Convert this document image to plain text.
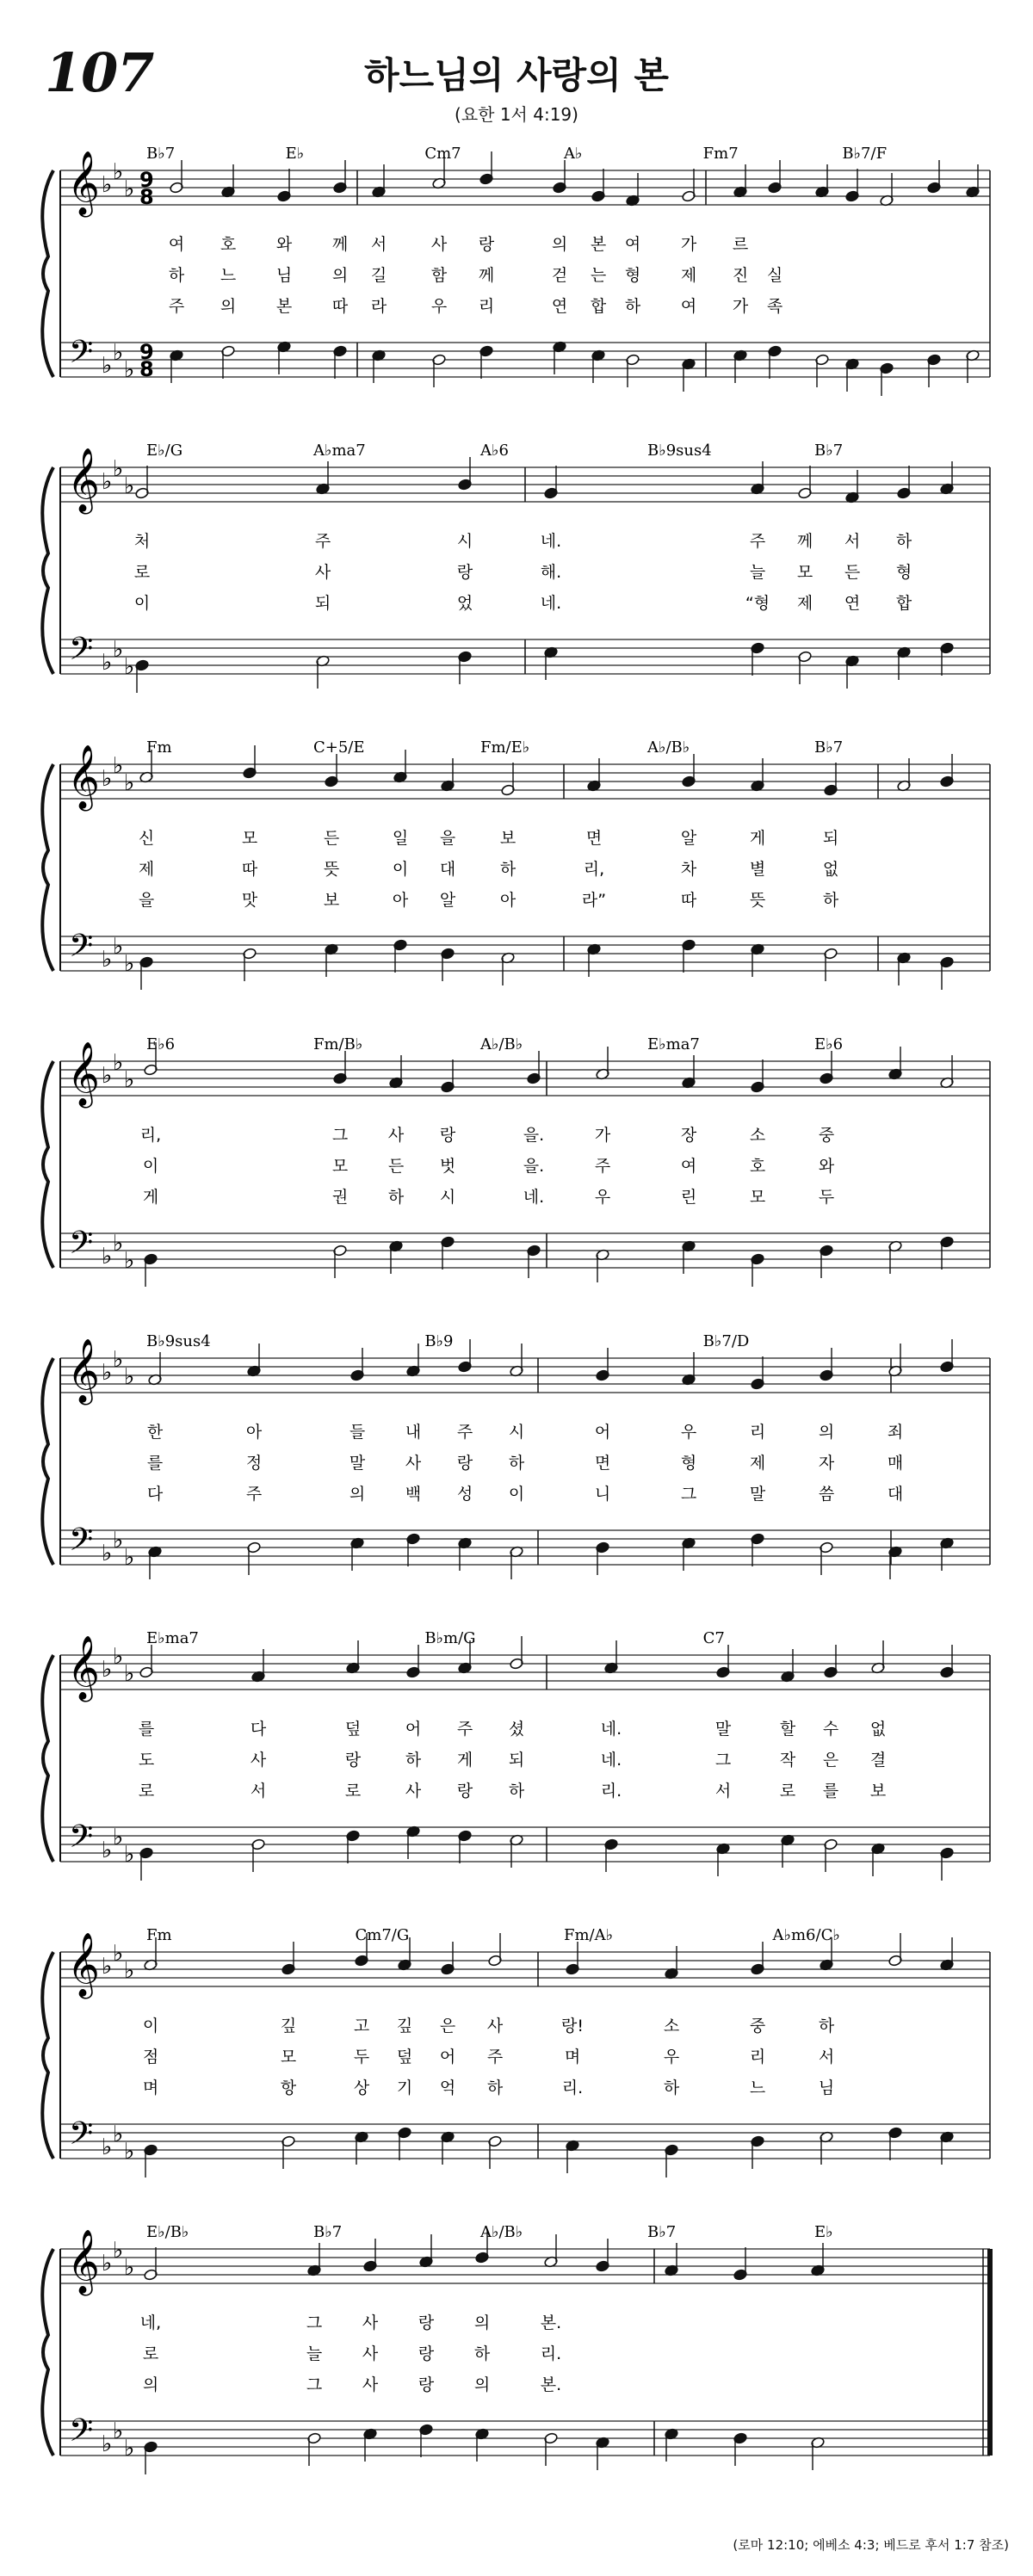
107	하느님의 사랑의 본
(요한 1서 4:19)
𝄞
𝄢
♭ ♭
♭
♭ ♭
♭
9
8
9
8
B♭7	E♭	Cm7	A♭	Fm7	B♭7/F
여 호 와 께 서	사 랑	의 본 여 가 르
하 느 님 의 길	함 께	걷 는 형 제 진 실
주 의 본 따 라	우 리	연 합 하 여 가 족
𝄞
𝄢
♭ ♭
♭
♭ ♭
♭
E♭/G	A♭ma7	A♭6	B♭9sus4	B♭7
처	주	시	네.	주 께 서 하
로	사	랑	해.	늘 모 든 형
이	되	었	네.	“형 제 연 합
𝄞
𝄢
♭ ♭
♭
♭ ♭
♭
Fm	C+5/E	Fm/E♭	A♭/B♭	B♭7
신	모	든	일 을	보	면	알	게	되
제	따	뜻	이 대	하	리,	차	별	없
을	맛	보	아 알	아	라”	따	뜻	하
𝄞
𝄢
♭ ♭
♭
♭ ♭
♭
E♭6	Fm/B♭	A♭/B♭	E♭ma7	E♭6
리,	그 사 랑	을.	가	장	소	중
이	모 든 벗	을.	주	여	호	와
게	권 하 시	네.	우	린	모	두
𝄞
𝄢
♭ ♭
♭
♭ ♭
♭
B♭9sus4	B♭9	B♭7/D
한	아	들 내 주 시	어	우	리	의	죄
를	정	말 사 랑 하	면	형	제	자	매
다	주	의 백 성 이	니	그	말	씀	대
𝄞
𝄢
♭ ♭
♭
♭ ♭
♭
E♭ma7	B♭m/G	C7
를	다	덮	어 주 셨	네.	말	할 수 없
도	사	랑	하 게 되	네.	그	작 은 결
로	서	로	사 랑 하	리.	서	로 를 보
𝄞
𝄢
♭ ♭
♭
♭ ♭
♭
Fm	Cm7/G	Fm/A♭	A♭m6/C♭
이	깊	고 깊 은 사	랑!	소	중	하
점	모	두 덮 어 주	며	우	리	서
며	항	상 기 억 하	리.	하	느	님
𝄞
𝄢
♭ ♭
♭
♭ ♭
♭
E♭/B♭	B♭7	A♭/B♭	B♭7	E♭
네,	그 사 랑 의	본.
로	늘 사 랑 하	리.
의	그 사 랑 의	본.
(로마 12:10; 에베소 4:3; 베드로 후서 1:7 참조)
